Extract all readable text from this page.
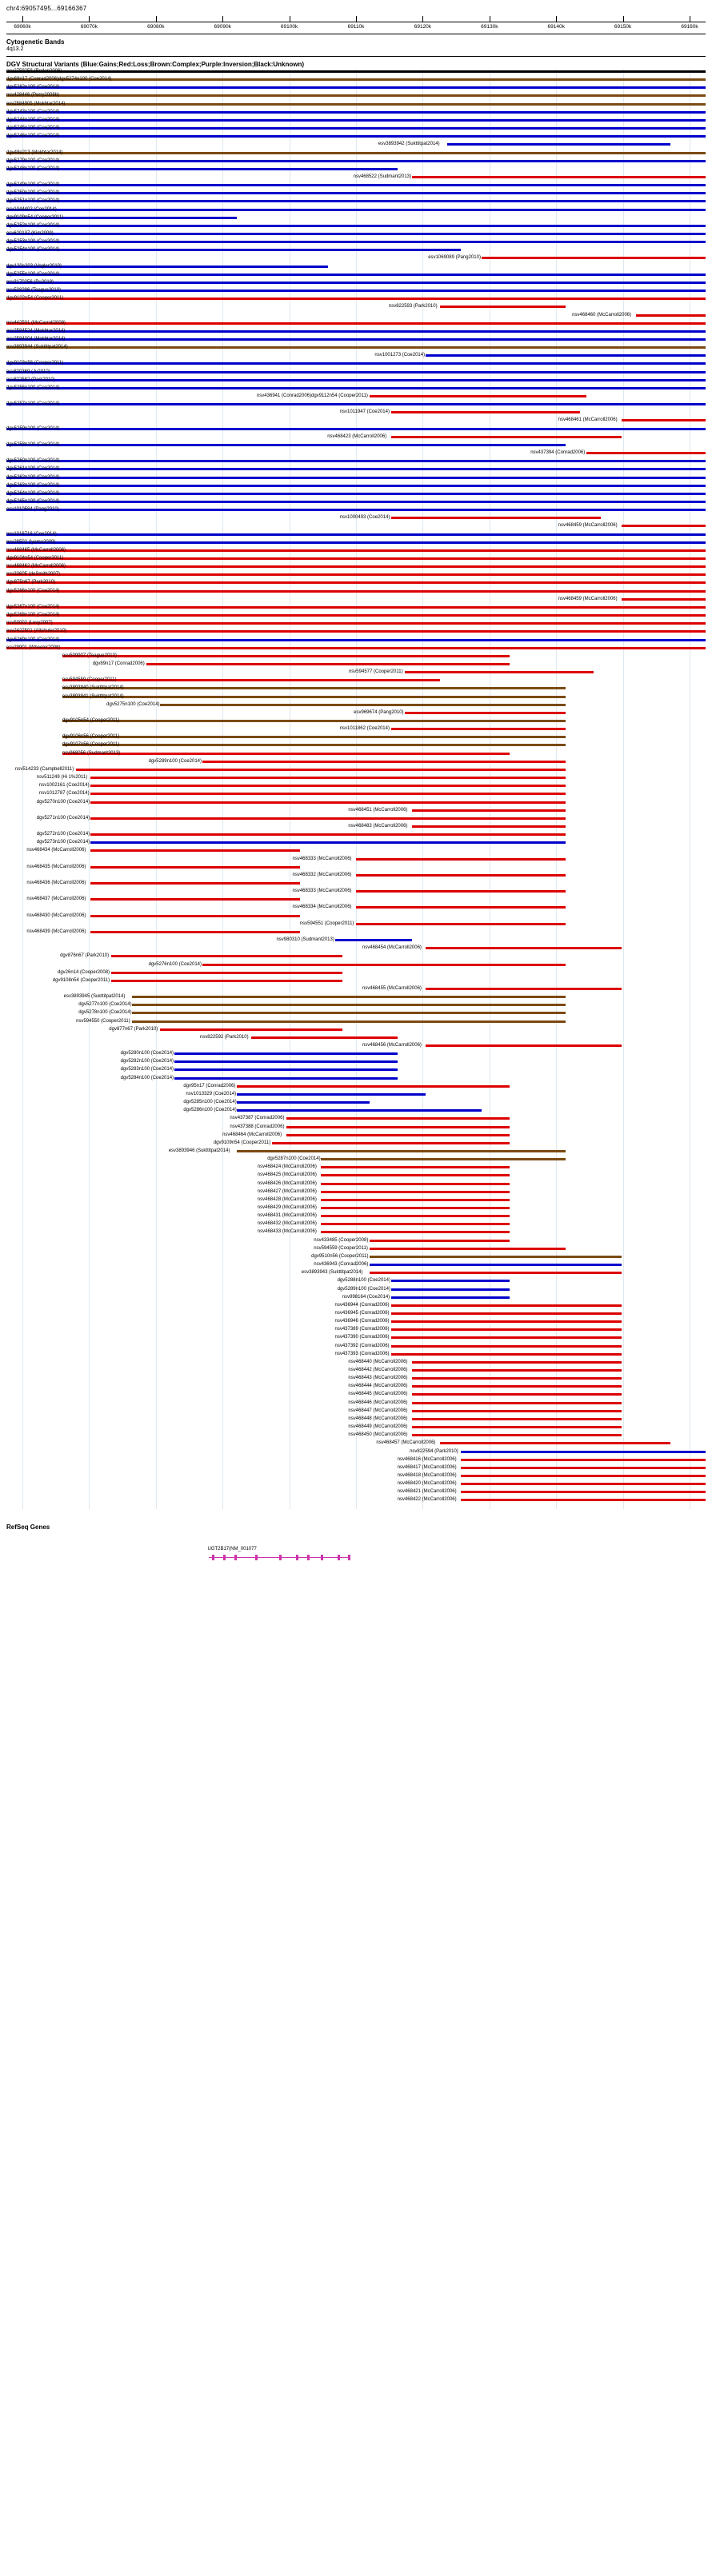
chr4:69057495...69166367
69060k	69070k	69080k	69090k	69100k	69110k	69120k	69130k	69140k	69150k	69160k
Cytogenetic Bands
4q13.2
DGV Structural Variants (Blue:Gains;Red:Loss;Brown:Complex;Purple:Inversion;Black:Unknown)
esv2759258 (Redon2006)
dgv69n17 (Conrad2006)dgv5274n100 (Coe2014)
dgv5262n100 (Coe2014)
nsv428446 (Perry2008b)
esv2584905 (Mokhtar2014)
dgv5243n100 (Coe2014)
dgv5244n100 (Coe2014)
dgv5245n100 (Coe2014)
dgv5246n100 (Coe2014)
esv3893942 (Sukttitpat2014)
dgv49e213 (Mokhtar2014)
dgv5279n100 (Coe2014)
dgv5248n100 (Coe2014)
nsv468522 (Sudmant2013)
dgv5249n100 (Coe2014)
dgv5250n100 (Coe2014)
dgv5251n100 (Coe2014)
nsv1044402 (Coe2014)
dgv9109n54 (Cooper2011)
dgv5252n100 (Coe2014)
esv620137 (Kim2009)
dgv5253n100 (Coe2014)
dgv5254n100 (Coe2014)
esv1069089 (Pang2010)
dgv120e203 (Vogler2010)
dgv5255n100 (Coe2014)
esv3170256 (Pu2018)
nsv508296 (Teague2010)
dgv9102n54 (Cooper2011)
nsv822593 (Park2010)
nsv468460 (McCarroll2006)
nsv442501 (McCarroll2008)
esv2584524 (Mokhtar2014)
esv2584004 (Mokhtar2014)
esv3893944 (Sukttitpat2014)
nsv1001273 (Coe2014)
dgv9103n56 (Cooper2011)
esv820369 (Ju2010)
nsv822582 (Park2010)
dgv5256n100 (Coe2014)
nsv436941 (Conrad2006)dgv9112n54 (Cooper2011)
dgv5257n100 (Coe2014)
nsv1011947 (Coe2014)
nsv468461 (McCarroll2006)
dgv5259n100 (Coe2014)
nsv468423 (McCarroll2006)
dgv5258n100 (Coe2014)
nsv437394 (Conrad2006)
dgv5260n100 (Coe2014)
dgv5261n100 (Coe2014)
dgv5262n100 (Coe2014)
dgv5263n100 (Coe2014)
dgv5264n100 (Coe2014)
dgv5265n100 (Coe2014)
esv1010584 (Pang2010)
nsv1000493 (Coe2014)
nsv468459 (McCarroll2006)
nsv1016716 (Coe2014)
esv28502 (Iyama2009)
nsv468465 (McCarroll2006)
dgv9104n54 (Cooper2011)
nsv468462 (McCarroll2006)
esv33605 (deSmith2007)
dgv875n67 (Park2010)
dgv5266n100 (Coe2014)
nsv468459 (McCarroll2006)
dgv5267n100 (Coe2014)
dgv5268n100 (Coe2014)
nsv50002 (Levy2007)
esv2422501 (Altshuler2010)
dgv5269n100 (Coe2014)
esv29901 (Wheeler2008)
nsv509907 (Teague2010)
dgv89n17 (Conrad2006)
nsv594577 (Cooper2011)
nsv594559 (Cooper2011)
esv3893940 (Sukttitpat2014)
esv3893941 (Sukttitpat2014)
dgv5275n100 (Coe2014)
esv969674 (Pang2010)
dgv9105n54 (Cooper2011)
nsv1011862 (Coe2014)
dgv9106n56 (Cooper2011)
dgv9107n56 (Cooper2011)
nsv968056 (Sudmant2013)
dgv5289n100 (Coe2014)
nsv514233 (Campbell2011)
nsv511249 (Hi 1%2011)
nsv1002161 (Coe2014)
nsv1012787 (Coe2014)
dgv5270n100 (Coe2014)
nsv468451 (McCarroll2006)
dgv5271n100 (Coe2014)
nsv468483 (McCarroll2006)
dgv5272n100 (Coe2014)
dgv5273n100 (Coe2014)
nsv468434 (McCarroll2006)
nsv468333 (McCarroll2006)
nsv468435 (McCarroll2006)
nsv468332 (McCarroll2006)
nsv468436 (McCarroll2006)
nsv468333 (McCarroll2006)
nsv468437 (McCarroll2006)
nsv468334 (McCarroll2006)
nsv468430 (McCarroll2006)
nsv594551 (Cooper2011)
nsv468439 (McCarroll2006)
nsv980310 (Sudmant2013)
nsv468454 (McCarroll2006)
dgv876n67 (Park2010)
dgv5276n100 (Coe2014)
dgv26n14 (Cooper2008)
dgv9108n54 (Cooper2011)
nsv468455 (McCarroll2006)
esv3893945 (Sukttitpat2014)
dgv5277n100 (Coe2014)
dgv5278n100 (Coe2014)
nsv594550 (Cooper2011)
dgv877n67 (Park2010)
nsv822592 (Park2010)
nsv468456 (McCarroll2006)
dgv5280n100 (Coe2014)
dgv5282n100 (Coe2014)
dgv5283n100 (Coe2014)
dgv5284n100 (Coe2014)
dgv95n17 (Conrad2006)
nsv1013329 (Coe2014)
dgv5285n100 (Coe2014)
dgv5286n100 (Coe2014)
nsv437387 (Conrad2006)
nsv437388 (Conrad2006)
nsv468464 (McCarroll2006)
dgv9109n54 (Cooper2011)
esv3893946 (Sukttitpat2014)
dgv5287n100 (Coe2014)
nsv468424 (McCarroll2006)
nsv468425 (McCarroll2006)
nsv468426 (McCarroll2006)
nsv468427 (McCarroll2006)
nsv468428 (McCarroll2006)
nsv468429 (McCarroll2006)
nsv468431 (McCarroll2006)
nsv468432 (McCarroll2006)
nsv468433 (McCarroll2006)
nsv433485 (Cooper2008)
nsv594559 (Cooper2011)
dgv9510n56 (Cooper2011)
nsv436943 (Conrad2006)
esv3893943 (Sukttitpat2014)
dgv5288n100 (Coe2014)
dgv5289n100 (Coe2014)
nsv998164 (Coe2014)
nsv436944 (Conrad2006)
nsv436945 (Conrad2006)
nsv436946 (Conrad2006)
nsv437389 (Conrad2006)
nsv437390 (Conrad2006)
nsv437392 (Conrad2006)
nsv437393 (Conrad2006)
nsv468440 (McCarroll2006)
nsv468442 (McCarroll2006)
nsv468443 (McCarroll2006)
nsv468444 (McCarroll2006)
nsv468445 (McCarroll2006)
nsv468446 (McCarroll2006)
nsv468447 (McCarroll2006)
nsv468448 (McCarroll2006)
nsv468449 (McCarroll2006)
nsv468450 (McCarroll2006)
nsv468457 (McCarroll2006)
nsv822594 (Park2010)
nsv468416 (McCarroll2006)
nsv468417 (McCarroll2006)
nsv468418 (McCarroll2006)
nsv468420 (McCarroll2006)
nsv468421 (McCarroll2006)
nsv468422 (McCarroll2006)
RefSeq Genes
UGT2B17(NM_001077
